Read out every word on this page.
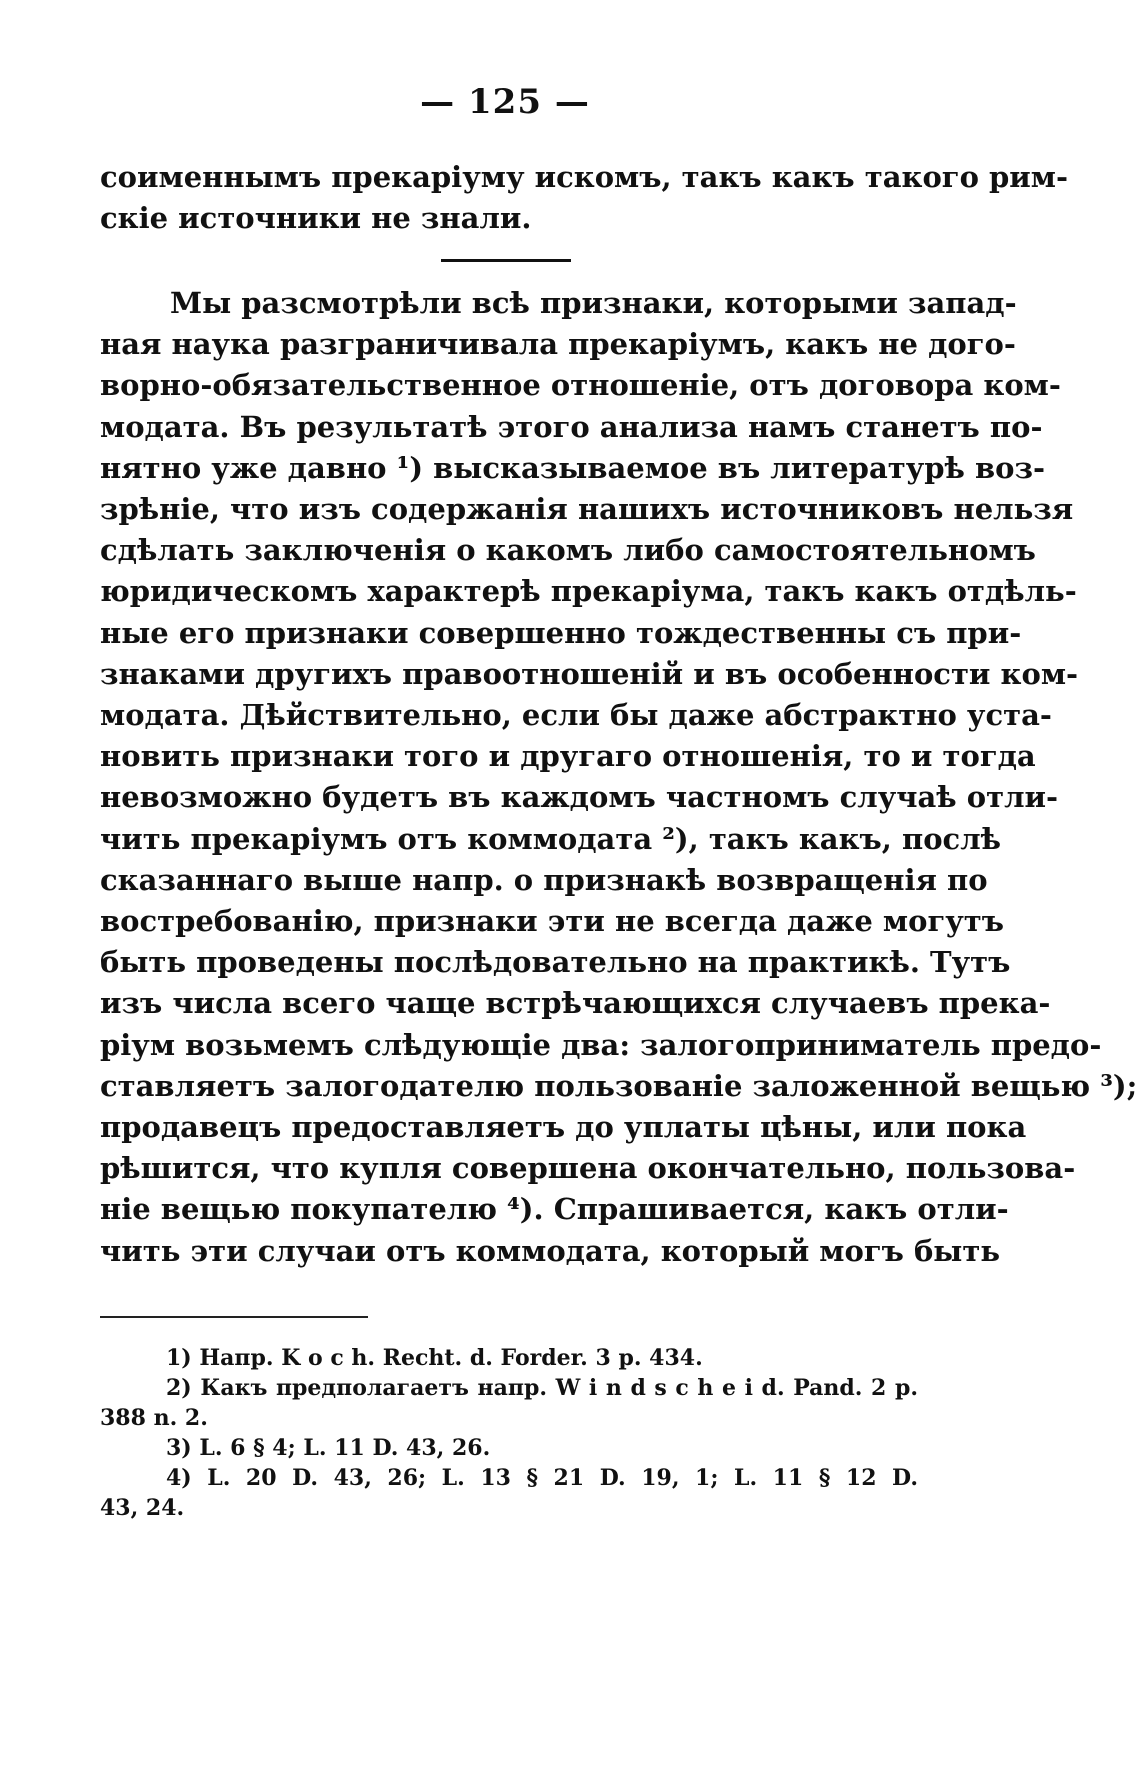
— 125 —
соименнымъ прекаріуму искомъ, такъ какъ такого рим-
скіе источники не знали.
Мы разсмотрѣли всѣ признаки, которыми запад-
ная наука разграничивала прекаріумъ, какъ не дого-
ворно-обязательственное отношеніе, отъ договора ком-
модата. Въ результатѣ этого анализа намъ станетъ по-
нятно уже давно ¹) высказываемое въ литературѣ воз-
зрѣніе, что изъ содержанія нашихъ источниковъ нельзя
сдѣлать заключенія о какомъ либо самостоятельномъ
юридическомъ характерѣ прекаріума, такъ какъ отдѣль-
ные его признаки совершенно тождественны съ при-
знаками другихъ правоотношеній и въ особенности ком-
модата. Дѣйствительно, если бы даже абстрактно уста-
новить признаки того и другаго отношенія, то и тогда
невозможно будетъ въ каждомъ частномъ случаѣ отли-
чить прекаріумъ отъ коммодата ²), такъ какъ, послѣ
сказаннаго выше напр. о признакѣ возвращенія по
востребованію, признаки эти не всегда даже могутъ
быть проведены послѣдовательно на практикѣ. Тутъ
изъ числа всего чаще встрѣчающихся случаевъ прека-
ріум возьмемъ слѣдующіе два: залогоприниматель предо-
ставляетъ залогодателю пользованіе заложенной вещью ³);
продавецъ предоставляетъ до уплаты цѣны, или пока
рѣшится, что купля совершена окончательно, пользова-
ніе вещью покупателю ⁴). Спрашивается, какъ отли-
чить эти случаи отъ коммодата, который могъ быть
1) Напр. K o c h. Recht. d. Forder. 3 p. 434.
2) Какъ предполагаетъ напр. W i n d s c h e i d. Pand. 2 p.
388 n. 2.
3) L. 6 § 4; L. 11 D. 43, 26.
4) L. 20 D. 43, 26; L. 13 § 21 D. 19, 1; L. 11 § 12 D.
43, 24.
